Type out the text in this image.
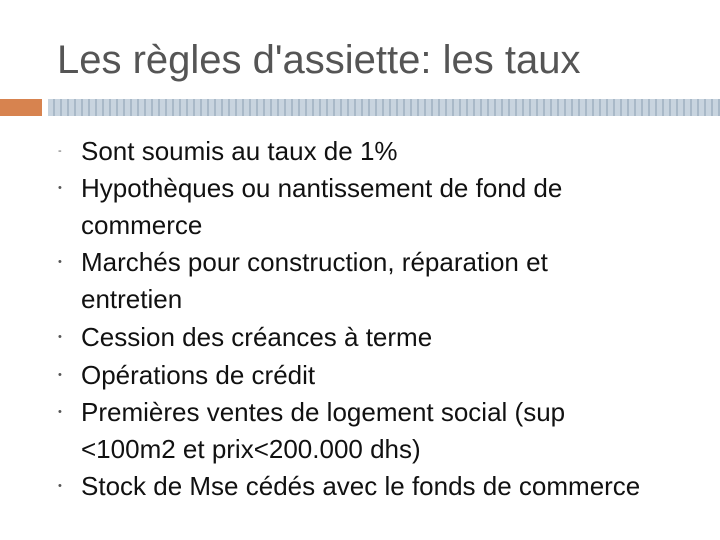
Les règles d'assiette: les taux
- Sont soumis au taux de 1%
• Hypothèques ou nantissement de fond de commerce
• Marchés pour construction, réparation et entretien
• Cession des créances à terme
• Opérations de crédit
• Premières ventes de logement social (sup <100m2 et prix<200.000 dhs)
• Stock de Mse cédés avec le fonds de commerce
